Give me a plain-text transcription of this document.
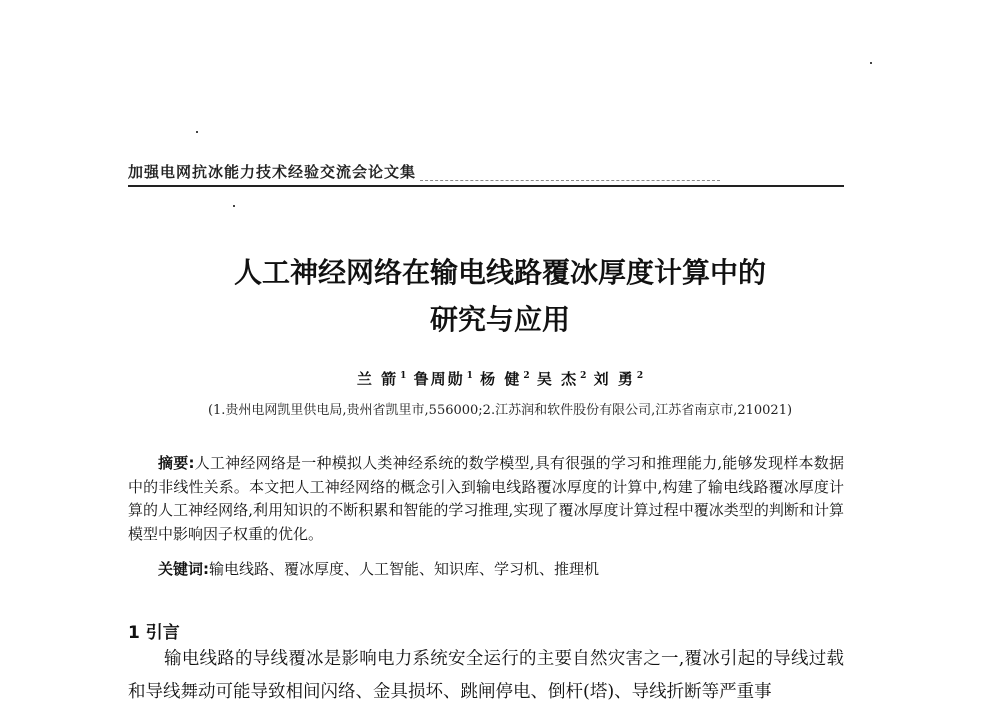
加强电网抗冰能力技术经验交流会论文集
人工神经网络在输电线路覆冰厚度计算中的
研究与应用
兰 箭 $^1$ 鲁周勋 $^1$ 杨 健 $^2$ 吴 杰 $^2$ 刘 勇 $^2$
(1.贵州电网凯里供电局,贵州省凯里市,556000;2.江苏润和软件股份有限公司,江苏省南京市,210021)
摘要:人工神经网络是一种模拟人类神经系统的数学模型,具有很强的学习和推理能力,能够发现样本数据中的非线性关系。本文把人工神经网络的概念引入到输电线路覆冰厚度的计算中,构建了输电线路覆冰厚度计算的人工神经网络,利用知识的不断积累和智能的学习推理,实现了覆冰厚度计算过程中覆冰类型的判断和计算模型中影响因子权重的优化。
关键词:输电线路、覆冰厚度、人工智能、知识库、学习机、推理机
1 引言
输电线路的导线覆冰是影响电力系统安全运行的主要自然灾害之一,覆冰引起的导线过载和导线舞动可能导致相间闪络、金具损坏、跳闸停电、倒杆(塔)、导线折断等严重事
